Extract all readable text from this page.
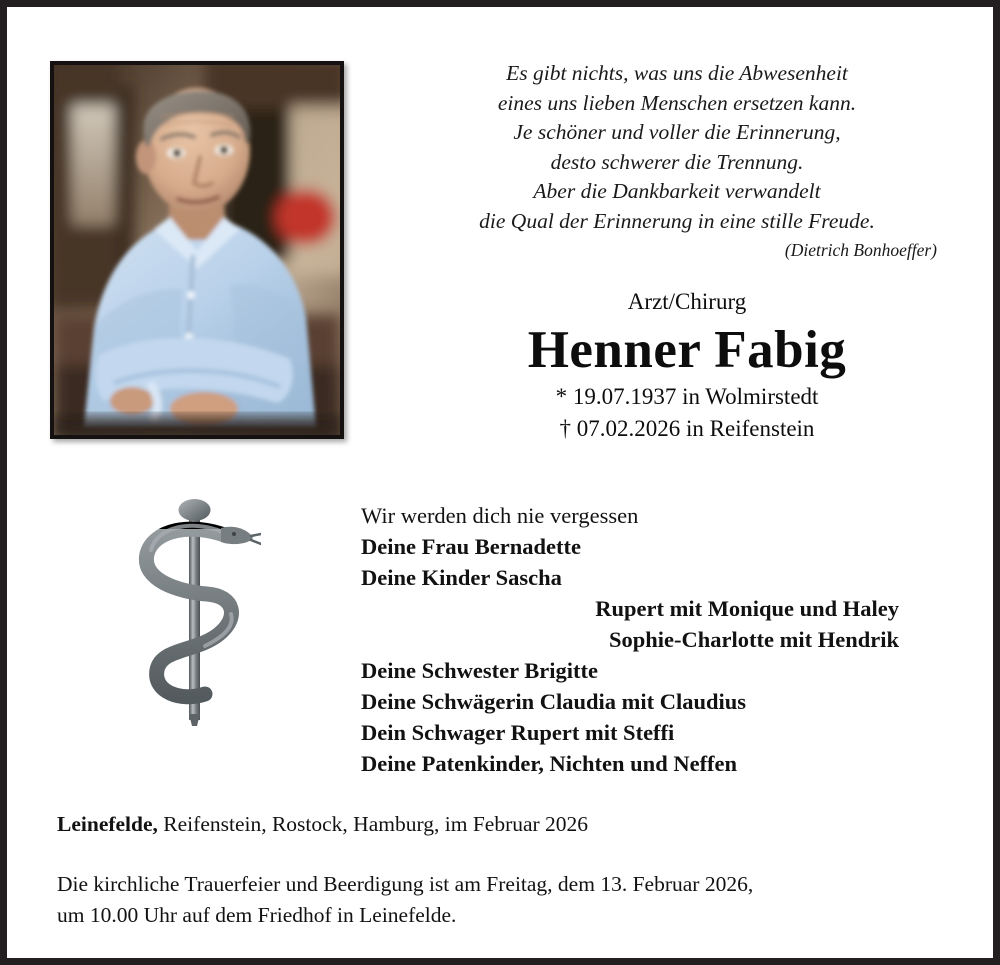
Es gibt nichts, was uns die Abwesenheit
eines uns lieben Menschen ersetzen kann.
Je schöner und voller die Erinnerung,
desto schwerer die Trennung.
Aber die Dankbarkeit verwandelt
die Qual der Erinnerung in eine stille Freude.
(Dietrich Bonhoeffer)
Arzt/Chirurg
Henner Fabig
* 19.07.1937 in Wolmirstedt
† 07.02.2026 in Reifenstein
Wir werden dich nie vergessen
Deine Frau Bernadette
Deine Kinder Sascha
Rupert mit Monique und Haley
Sophie-Charlotte mit Hendrik
Deine Schwester Brigitte
Deine Schwägerin Claudia mit Claudius
Dein Schwager Rupert mit Steffi
Deine Patenkinder, Nichten und Neffen
Leinefelde, Reifenstein, Rostock, Hamburg, im Februar 2026
Die kirchliche Trauerfeier und Beerdigung ist am Freitag, dem 13. Februar 2026,
um 10.00 Uhr auf dem Friedhof in Leinefelde.
